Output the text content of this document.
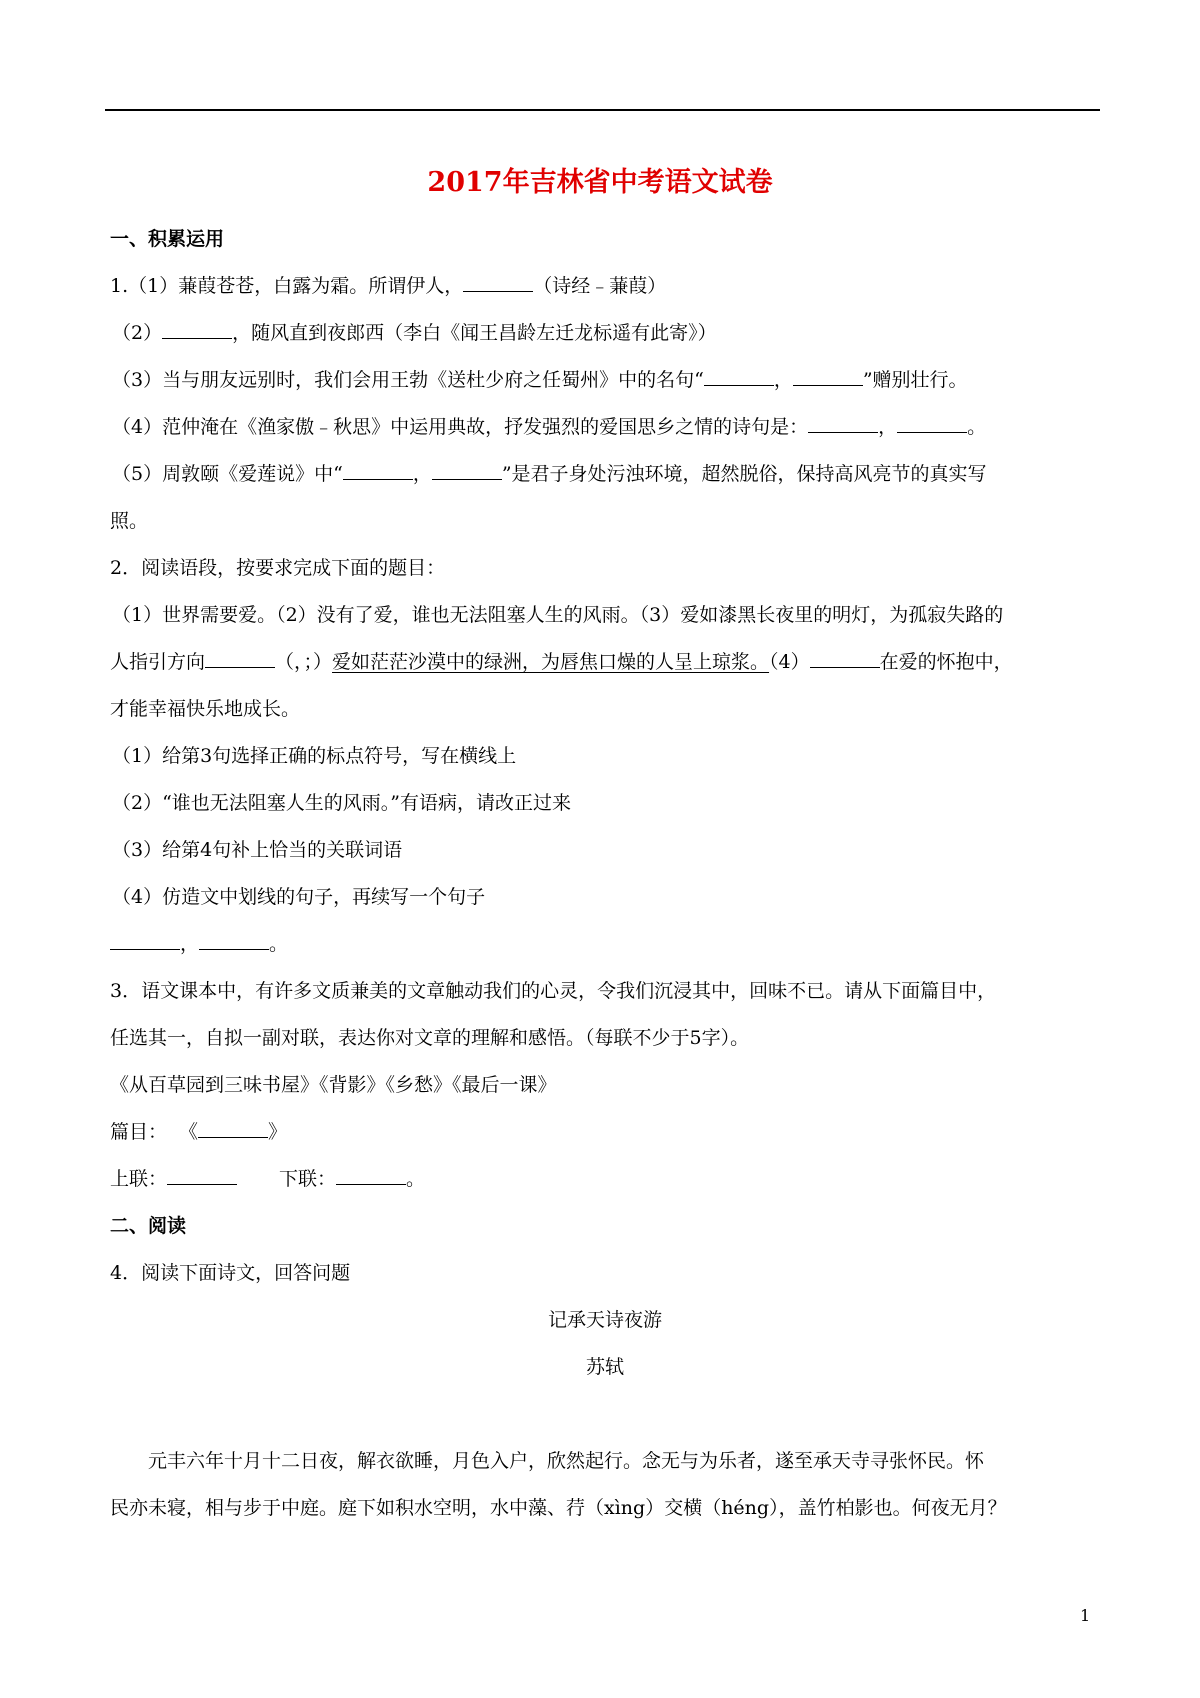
2017年吉林省中考语文试卷
一、积累运用
1.（1）蒹葭苍苍，白露为霜。所谓伊人，	（诗经﹣蒹葭）
（2）	，随风直到夜郎西（李白《闻王昌龄左迁龙标遥有此寄》）
（3）当与朋友远别时，我们会用王勃《送杜少府之任蜀州》中的名句“	，	”赠别壮行。
（4）范仲淹在《渔家傲﹣秋思》中运用典故，抒发强烈的爱国思乡之情的诗句是：	，	。
（5）周敦颐《爱莲说》中“	，	”是君子身处污浊环境，超然脱俗，保持高风亮节的真实写
照。
2．阅读语段，按要求完成下面的题目：
（1）世界需要爱。（2）没有了爱，谁也无法阻塞人生的风雨。（3）爱如漆黑长夜里的明灯，为孤寂失路的
人指引方向	（，；）爱如茫茫沙漠中的绿洲，为唇焦口燥的人呈上琼浆。（4）	在爱的怀抱中，
才能幸福快乐地成长。
（1）给第3句选择正确的标点符号，写在横线上
（2）“谁也无法阻塞人生的风雨。”有语病，请改正过来
（3）给第4句补上恰当的关联词语
（4）仿造文中划线的句子，再续写一个句子
，	。
3．语文课本中，有许多文质兼美的文章触动我们的心灵，令我们沉浸其中，回味不已。请从下面篇目中，
任选其一，自拟一副对联，表达你对文章的理解和感悟。（每联不少于5字）。
《从百草园到三味书屋》《背影》《乡愁》《最后一课》
篇目： 《	》
上联：	下联：	。
二、阅读
4．阅读下面诗文，回答问题
记承天诗夜游
苏轼
元丰六年十月十二日夜，解衣欲睡，月色入户，欣然起行。念无与为乐者，遂至承天寺寻张怀民。怀
民亦未寝，相与步于中庭。庭下如积水空明，水中藻、荇（xìng）交横（héng），盖竹柏影也。何夜无月？
1
